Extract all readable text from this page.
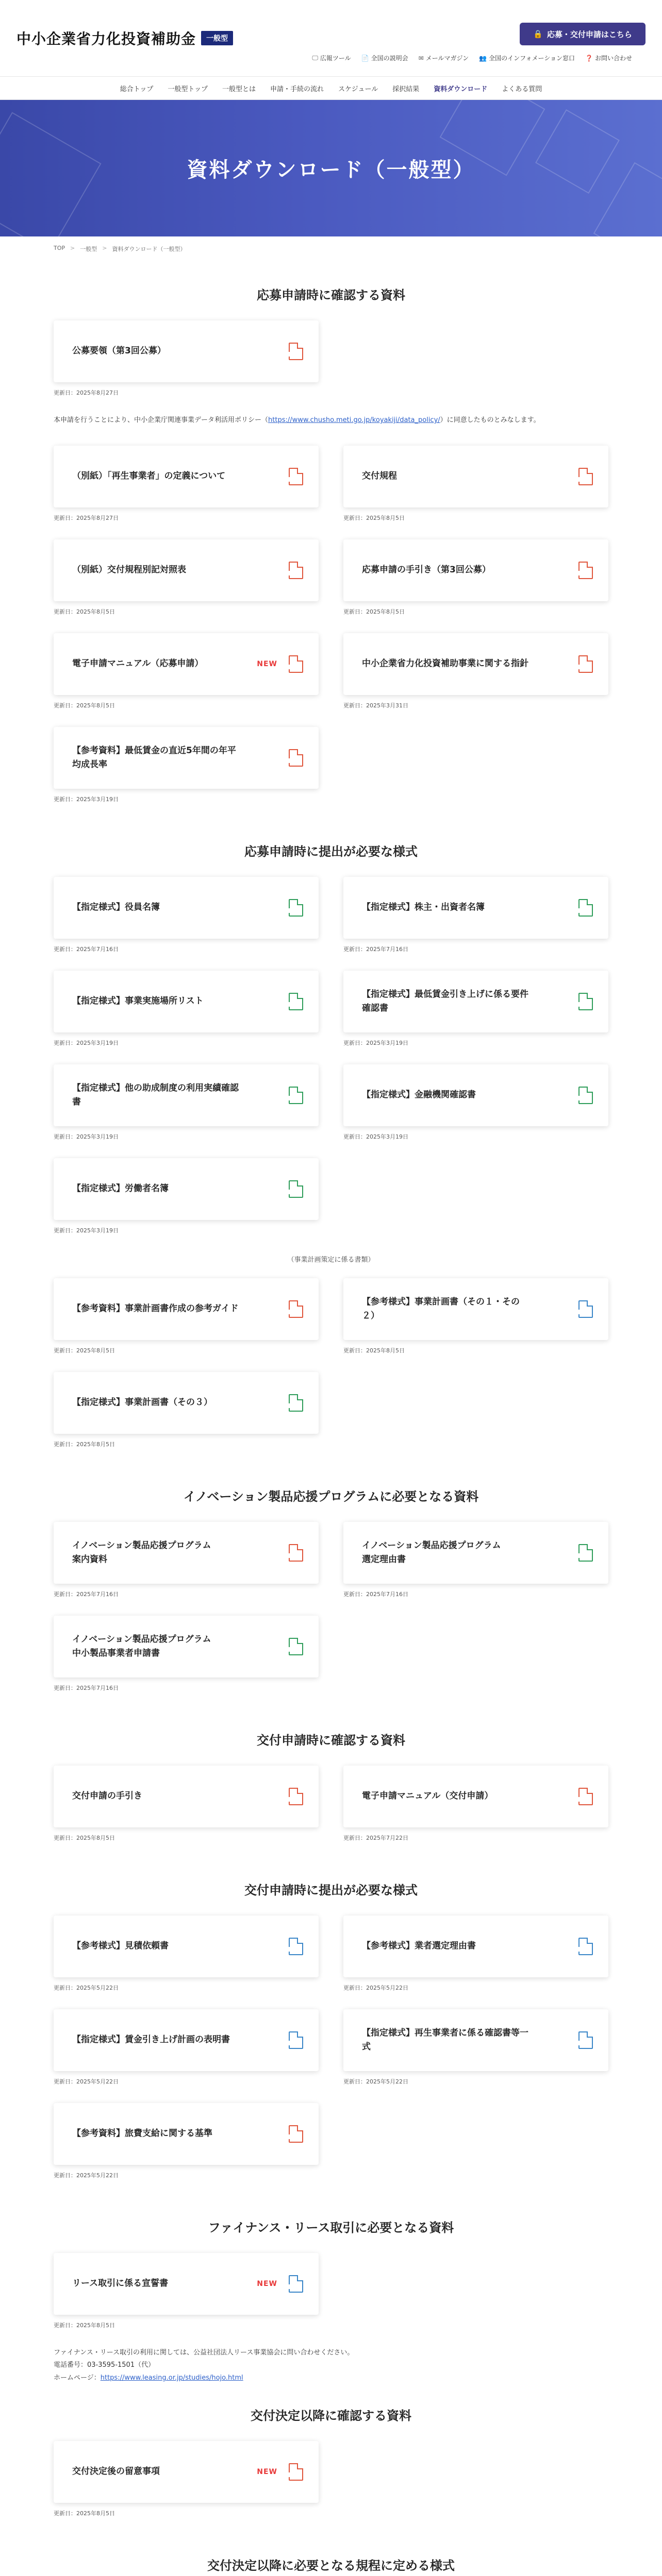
中小企業省力化投資補助金	一般型	🔒 応募・交付申請はこちら
🖵 広報ツール 📄 全国の説明会 ✉ メールマガジン 👥 全国のインフォメーション窓口 ❓ お問い合わせ
総合トップ 一般型トップ 一般型とは 申請・手続の流れ スケジュール 採択結果 資料ダウンロード よくある質問
資料ダウンロード（一般型）
TOP > 一般型 > 資料ダウンロード（一般型）
応募申請時に確認する資料
公募要領（第3回公募）	PDF
更新日：2025年8月27日
本申請を行うことにより、中小企業庁関連事業データ利活用ポリシー（https://www.chusho.meti.go.jp/koyakiji/data_policy/）に同意したものとみなします。
（別紙）「再生事業者」の定義について	PDF
更新日：2025年8月27日
交付規程	PDF
更新日：2025年8月5日
（別紙）交付規程別記対照表	PDF
更新日：2025年8月5日
応募申請の手引き（第3回公募）	PDF
更新日：2025年8月5日
電子申請マニュアル（応募申請）	NEW	PDF
更新日：2025年8月5日
中小企業省力化投資補助事業に関する指針	PDF
更新日：2025年3月31日
【参考資料】最低賃金の直近5年間の年平均成長率	PDF
更新日：2025年3月19日
応募申請時に提出が必要な様式
【指定様式】役員名簿	XLS
更新日：2025年7月16日
【指定様式】株主・出資者名簿	XLS
更新日：2025年7月16日
【指定様式】事業実施場所リスト	XLS
更新日：2025年3月19日
【指定様式】最低賃金引き上げに係る要件確認書	XLS
更新日：2025年3月19日
【指定様式】他の助成制度の利用実績確認書	XLS
更新日：2025年3月19日
【指定様式】金融機関確認書	XLS
更新日：2025年3月19日
【指定様式】労働者名簿	XLS
更新日：2025年3月19日
（事業計画策定に係る書類）
【参考資料】事業計画書作成の参考ガイド	PDF
更新日：2025年8月5日
【参考様式】事業計画書（その１・その２）	DOC
更新日：2025年8月5日
【指定様式】事業計画書（その３）	XLS
更新日：2025年8月5日
イノベーション製品応援プログラムに必要となる資料
イノベーション製品応援プログラム
案内資料	PDF
更新日：2025年7月16日
イノベーション製品応援プログラム
選定理由書	XLS
更新日：2025年7月16日
イノベーション製品応援プログラム
中小製品事業者申請書	XLS
更新日：2025年7月16日
交付申請時に確認する資料
交付申請の手引き	PDF
更新日：2025年8月5日
電子申請マニュアル（交付申請）	PDF
更新日：2025年7月22日
交付申請時に提出が必要な様式
【参考様式】見積依頼書	DOC
更新日：2025年5月22日
【参考様式】業者選定理由書	DOC
更新日：2025年5月22日
【指定様式】賃金引き上げ計画の表明書	DOC
更新日：2025年5月22日
【指定様式】再生事業者に係る確認書等一式	DOC
更新日：2025年5月22日
【参考資料】旅費支給に関する基準	PDF
更新日：2025年5月22日
ファイナンス・リース取引に必要となる資料
リース取引に係る宣誓書	NEW	DOC
更新日：2025年8月5日
ファイナンス・リース取引の利用に関しては、公益社団法人リース事業協会に問い合わせください。
電話番号：03-3595-1501（代）
ホームページ：https://www.leasing.or.jp/studies/hojo.html
交付決定以降に確認する資料
交付決定後の留意事項	NEW	PDF
更新日：2025年8月5日
交付決定以降に必要となる規程に定める様式
